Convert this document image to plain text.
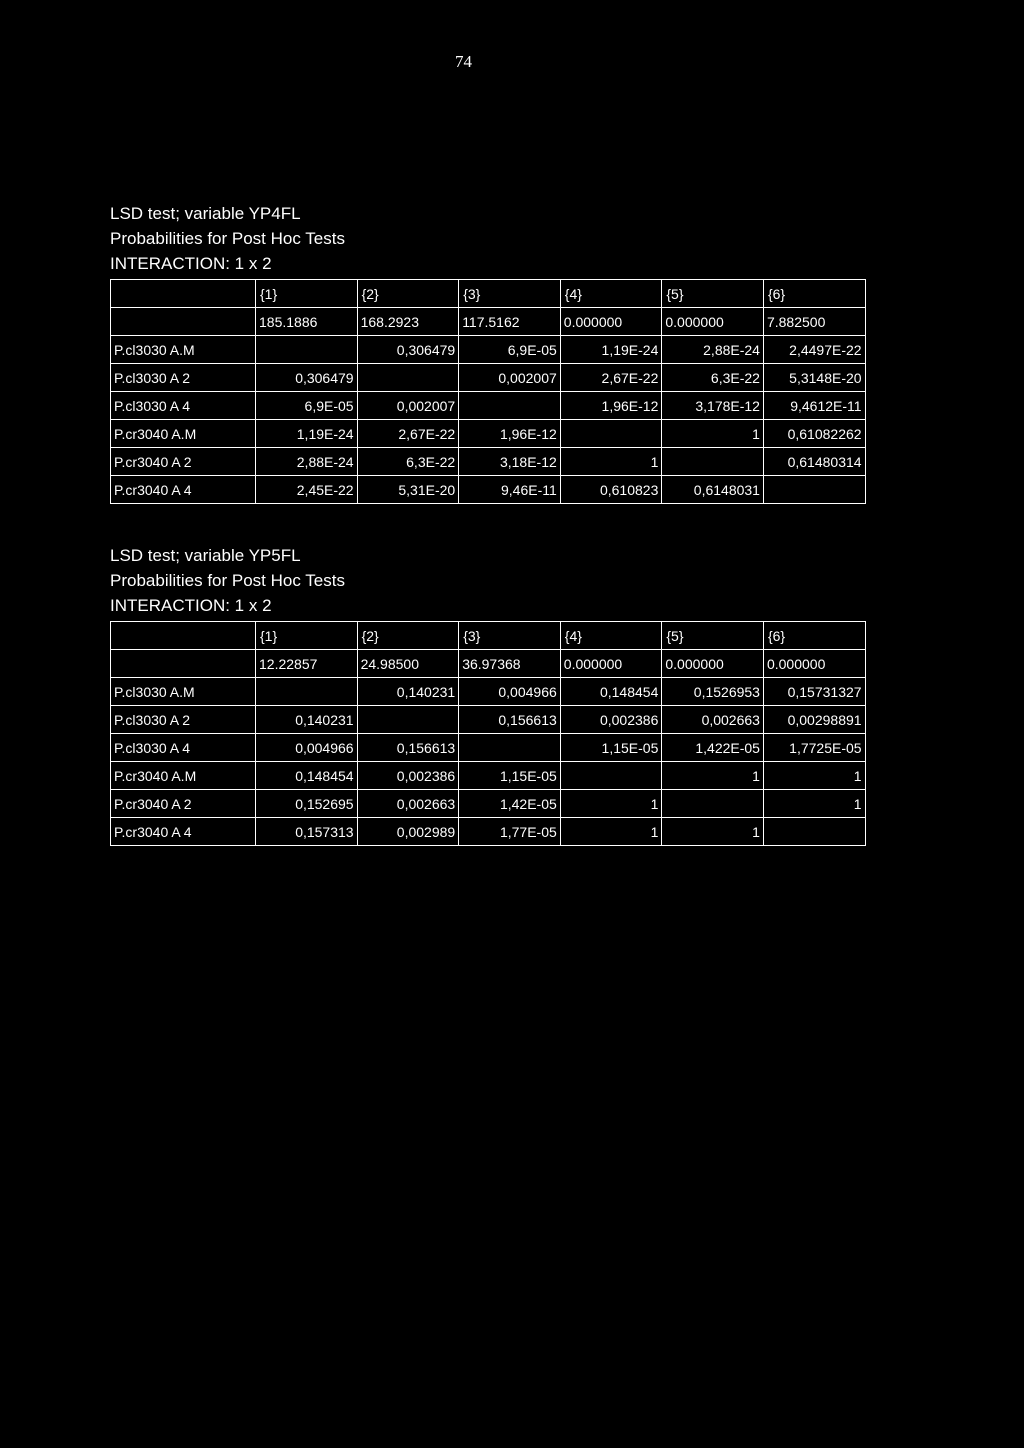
74
LSD test; variable YP4FL
Probabilities for Post Hoc Tests
INTERACTION: 1 x 2
	{1}	{2}	{3}	{4}	{5}	{6}
	185.1886	168.2923	117.5162	0.000000	0.000000	7.882500
P.cl3030 A.M		0,306479	6,9E-05	1,19E-24	2,88E-24	2,4497E-22
P.cl3030 A 2	0,306479		0,002007	2,67E-22	6,3E-22	5,3148E-20
P.cl3030 A 4	6,9E-05	0,002007		1,96E-12	3,178E-12	9,4612E-11
P.cr3040 A.M	1,19E-24	2,67E-22	1,96E-12		1	0,61082262
P.cr3040 A 2	2,88E-24	6,3E-22	3,18E-12	1		0,61480314
P.cr3040 A 4	2,45E-22	5,31E-20	9,46E-11	0,610823	0,6148031	
LSD test; variable YP5FL
Probabilities for Post Hoc Tests
INTERACTION: 1 x 2
	{1}	{2}	{3}	{4}	{5}	{6}
	12.22857	24.98500	36.97368	0.000000	0.000000	0.000000
P.cl3030 A.M		0,140231	0,004966	0,148454	0,1526953	0,15731327
P.cl3030 A 2	0,140231		0,156613	0,002386	0,002663	0,00298891
P.cl3030 A 4	0,004966	0,156613		1,15E-05	1,422E-05	1,7725E-05
P.cr3040 A.M	0,148454	0,002386	1,15E-05		1	1
P.cr3040 A 2	0,152695	0,002663	1,42E-05	1		1
P.cr3040 A 4	0,157313	0,002989	1,77E-05	1	1	
